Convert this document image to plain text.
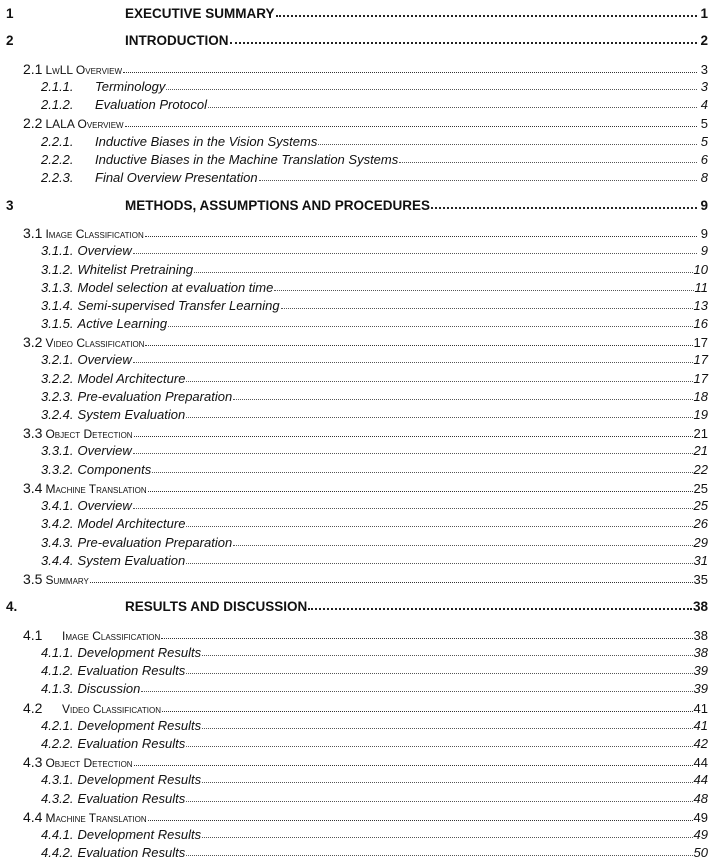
1	EXECUTIVE SUMMARY	1
2	INTRODUCTION	2
2.1 LwLL Overview	3
2.1.1.	Terminology	3
2.1.2.	Evaluation Protocol	4
2.2 LALA Overview	5
2.2.1.	Inductive Biases in the Vision Systems	5
2.2.2.	Inductive Biases in the Machine Translation Systems	6
2.2.3.	Final Overview Presentation	8
3	METHODS, ASSUMPTIONS AND PROCEDURES	9
3.1 Image Classification	9
3.1.1. Overview	9
3.1.2. Whitelist Pretraining	10
3.1.3. Model selection at evaluation time	11
3.1.4. Semi-supervised Transfer Learning	13
3.1.5. Active Learning	16
3.2 Video Classification	17
3.2.1. Overview	17
3.2.2. Model Architecture	17
3.2.3. Pre-evaluation Preparation	18
3.2.4. System Evaluation	19
3.3 Object Detection	21
3.3.1. Overview	21
3.3.2. Components	22
3.4 Machine Translation	25
3.4.1. Overview	25
3.4.2. Model Architecture	26
3.4.3. Pre-evaluation Preparation	29
3.4.4. System Evaluation	31
3.5 Summary	35
4.	RESULTS AND DISCUSSION	38
4.1	Image Classification	38
4.1.1. Development Results	38
4.1.2. Evaluation Results	39
4.1.3. Discussion	39
4.2	Video Classification	41
4.2.1. Development Results	41
4.2.2. Evaluation Results	42
4.3 Object Detection	44
4.3.1. Development Results	44
4.3.2. Evaluation Results	48
4.4 Machine Translation	49
4.4.1. Development Results	49
4.4.2. Evaluation Results	50
